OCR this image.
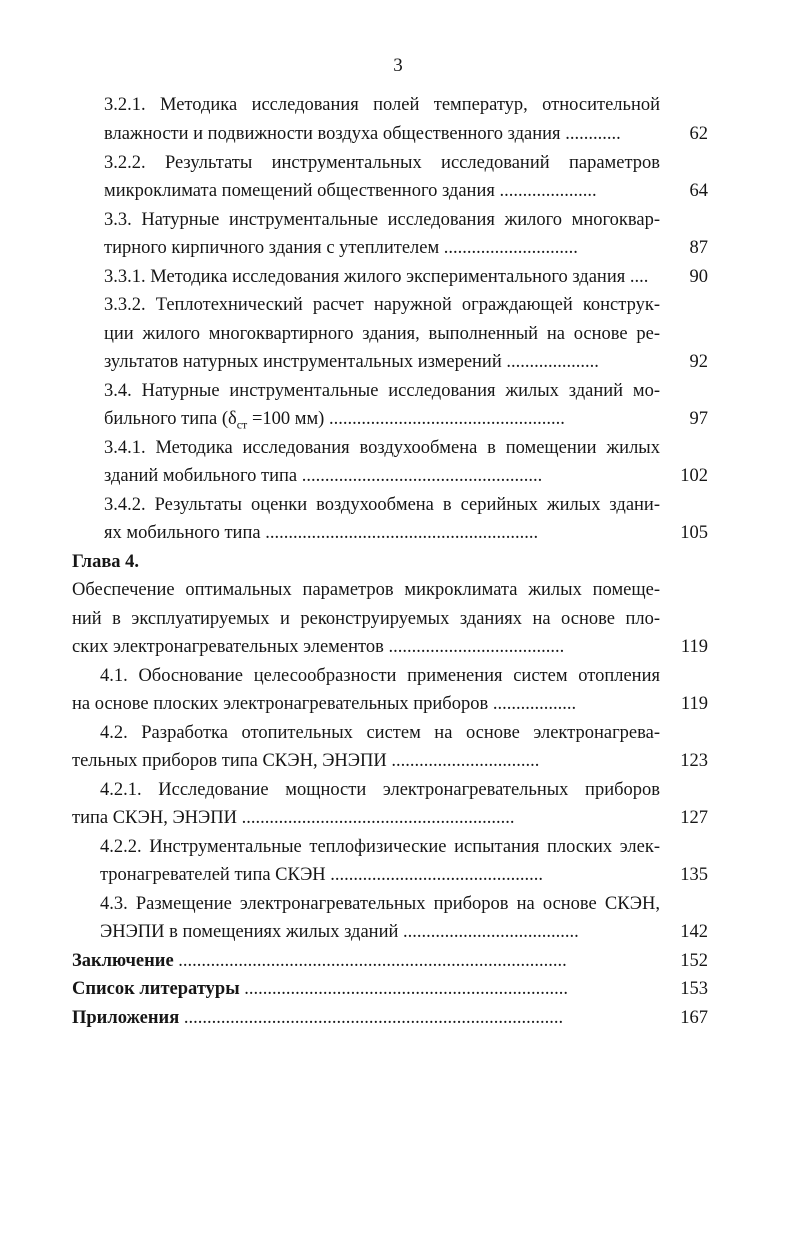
3
3.2.1. Методика исследования полей температур, относительной
влажности и подвижности воздуха общественного здания ............	62
3.2.2. Результаты инструментальных исследований параметров
микроклимата помещений общественного здания .....................	64
3.3. Натурные инструментальные исследования жилого многоквар-
тирного кирпичного здания с утеплителем .............................	87
3.3.1. Методика исследования жилого экспериментального здания ....	90
3.3.2. Теплотехнический расчет наружной ограждающей конструк-
ции жилого многоквартирного здания, выполненный на основе ре-
зультатов натурных инструментальных измерений ....................	92
3.4. Натурные инструментальные исследования жилых зданий мо-
бильного типа ($\delta_{ст} =100$ мм) ...................................................	97
3.4.1. Методика исследования воздухообмена в помещении жилых
зданий мобильного типа ....................................................	102
3.4.2. Результаты оценки воздухообмена в серийных жилых здани-
ях мобильного типа ...........................................................	105
Глава 4.
Обеспечение оптимальных параметров микроклимата жилых помеще-
ний в эксплуатируемых и реконструируемых зданиях на основе пло-
ских электронагревательных элементов ......................................	119
4.1. Обоснование целесообразности применения систем отопления
на основе плоских электронагревательных приборов ..................	119
4.2. Разработка отопительных систем на основе электронагрева-
тельных приборов типа СКЭН, ЭНЭПИ ................................	123
4.2.1. Исследование мощности электронагревательных приборов
типа СКЭН, ЭНЭПИ ...........................................................	127
4.2.2. Инструментальные теплофизические испытания плоских элек-
тронагревателей типа СКЭН ..............................................	135
4.3. Размещение электронагревательных приборов на основе СКЭН,
ЭНЭПИ в помещениях жилых зданий ......................................	142
Заключение ....................................................................................	152
Список литературы ......................................................................	153
Приложения ..................................................................................	167
